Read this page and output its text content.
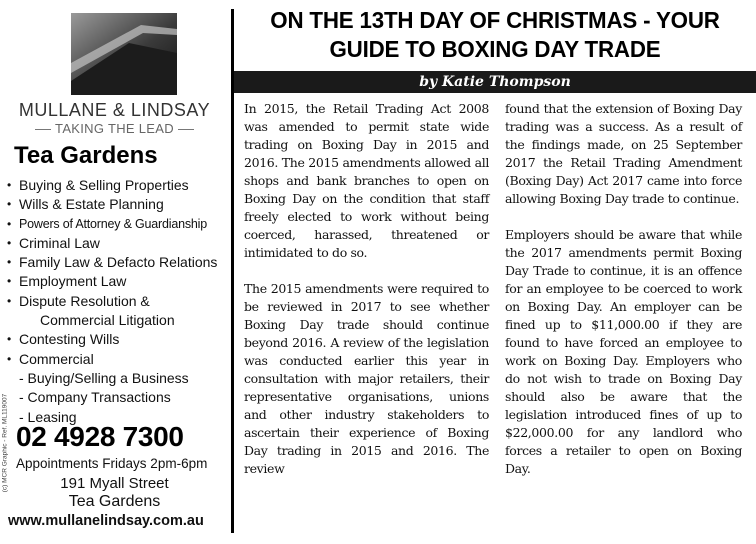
MULLANE & LINDSAY
TAKING THE LEAD
Tea Gardens
• Buying & Selling Properties
• Wills & Estate Planning
• Powers of Attorney & Guardianship
• Criminal Law
• Family Law & Defacto Relations
• Employment Law
• Dispute Resolution &
Commercial Litigation
• Contesting Wills
• Commercial
- Buying/Selling a Business
- Company Transactions
- Leasing
(c) MCR Graphic - Ref. ML119007 02 4928 7300
Appointments Fridays 2pm-6pm
191 Myall Street
Tea Gardens
www.mullanelindsay.com.au
ON THE 13TH DAY OF CHRISTMAS - YOUR
GUIDE TO BOXING DAY TRADE
by Katie Thompson

In 2015, the Retail Trading Act 2008 was amended to permit state wide trading on Boxing Day in 2015 and 2016. The 2015 amendments allowed all shops and bank branches to open on Boxing Day on the condition that staff freely elected to work without being coerced, harassed, threatened or intimidated to do so.

The 2015 amendments were required to be reviewed in 2017 to see whether Boxing Day trade should continue beyond 2016. A review of the legislation was conducted earlier this year in consultation with major retailers, their representative organisations, unions and other industry stakeholders to ascertain their experience of Boxing Day trading in 2015 and 2016. The review

found that the extension of Boxing Day trading was a success. As a result of the findings made, on 25 September 2017 the Retail Trading Amendment (Boxing Day) Act 2017 came into force allowing Boxing Day trade to continue.

Employers should be aware that while the 2017 amendments permit Boxing Day Trade to continue, it is an offence for an employee to be coerced to work on Boxing Day. An employer can be fined up to $11,000.00 if they are found to have forced an employee to work on Boxing Day. Employers who do not wish to trade on Boxing Day should also be aware that the legislation introduced fines of up to $22,000.00 for any landlord who forces a retailer to open on Boxing Day.
